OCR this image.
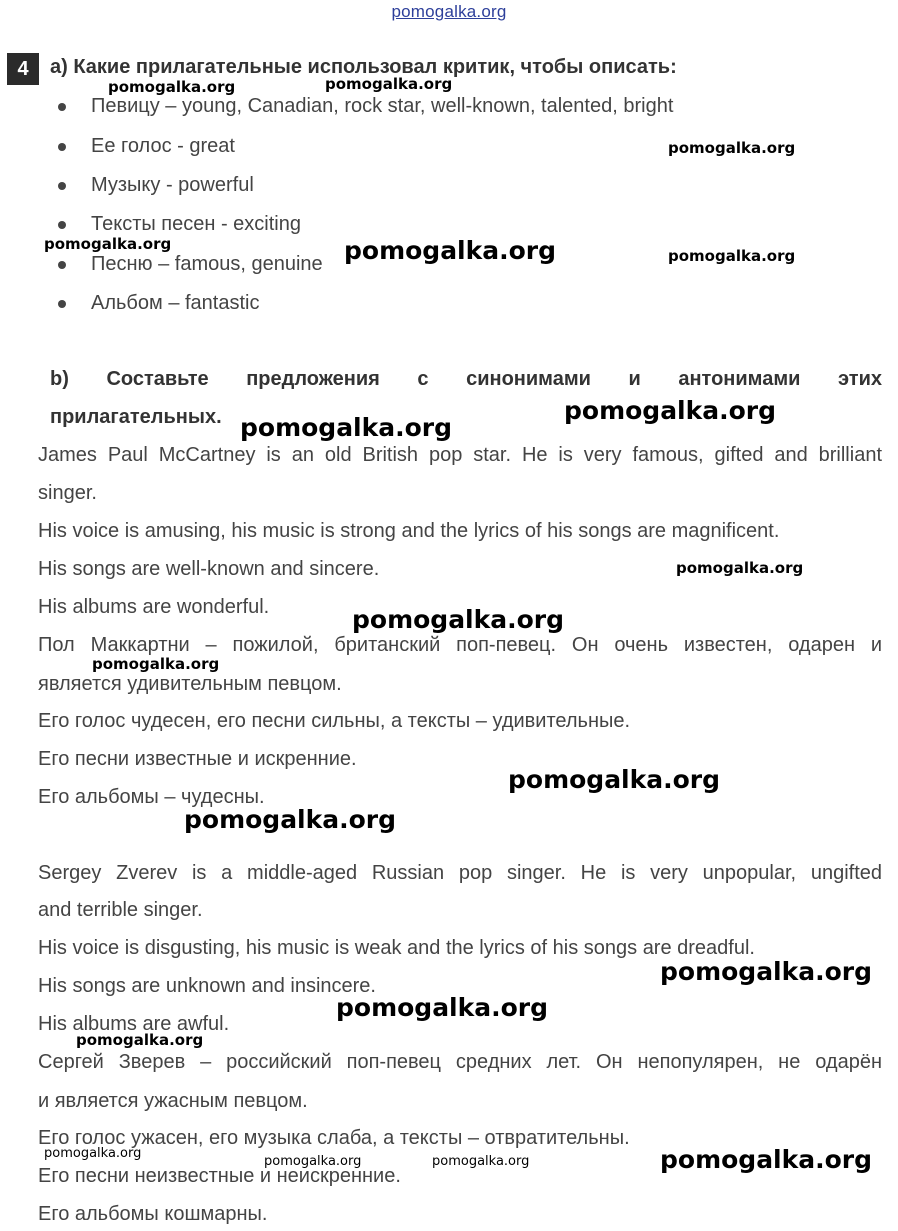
pomogalka.org
4	a) Какие прилагательные использовал критик, чтобы описать:
Певицу – young, Canadian, rock star, well-known, talented, bright
Ее голос - great
Музыку - powerful
Тексты песен - exciting
Песню – famous, genuine
Альбом – fantastic
b) Составьте предложения с синонимами и антонимами этих
прилагательных.
James Paul McCartney is an old British pop star. He is very famous, gifted and brilliant
singer.
His voice is amusing, his music is strong and the lyrics of his songs are magnificent.
His songs are well-known and sincere.
His albums are wonderful.
Пол Маккартни – пожилой, британский поп-певец. Он очень известен, одарен и
является удивительным певцом.
Его голос чудесен, его песни сильны, а тексты – удивительные.
Его песни известные и искренние.
Его альбомы – чудесны.
Sergey Zverev is a middle-aged Russian pop singer. He is very unpopular, ungifted
and terrible singer.
His voice is disgusting, his music is weak and the lyrics of his songs are dreadful.
His songs are unknown and insincere.
His albums are awful.
Сергей Зверев – российский поп-певец средних лет. Он непопулярен, не одарён
и является ужасным певцом.
Его голос ужасен, его музыка слаба, а тексты – отвратительны.
Его песни неизвестные и неискренние.
Его альбомы кошмарны.
pomogalka.org	pomogalka.org
pomogalka.org
pomogalka.org	pomogalka.org	pomogalka.org
pomogalka.org
pomogalka.org
pomogalka.org
pomogalka.org
pomogalka.org
pomogalka.org
pomogalka.org
pomogalka.org
pomogalka.org
pomogalka.org
pomogalka.org
pomogalka.org	pomogalka.org	pomogalka.org
